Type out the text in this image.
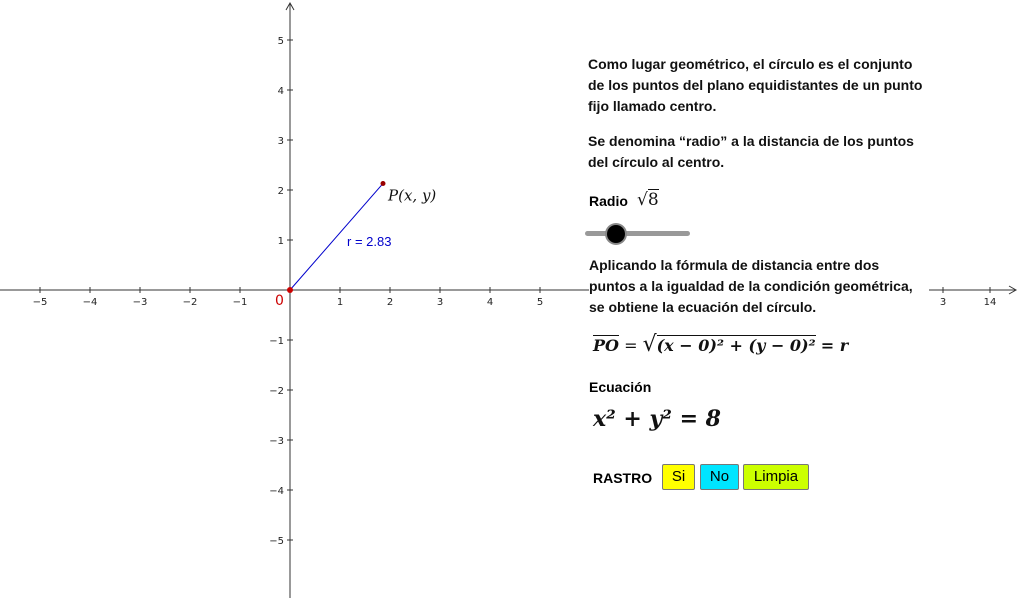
−5	−4	−3	−2	−1	1	2	3	4	5	3	14
5
4
3
2
1
−1
−2
−3
−4
−5
r = 2.83
0
P(x, y)

Como lugar geométrico, el círculo es el conjunto de los puntos del plano equidistantes de un punto fijo llamado centro.

Se denomina “radio” a la distancia de los puntos del círculo al centro.

Radio √8

Aplicando la fórmula de distancia entre dos puntos a la igualdad de la condición geométrica, se obtiene la ecuación del círculo.

PO = √(x − 0)² + (y − 0)² = r
Ecuación
x² + y² = 8
RASTRO	Si	No	Limpia
